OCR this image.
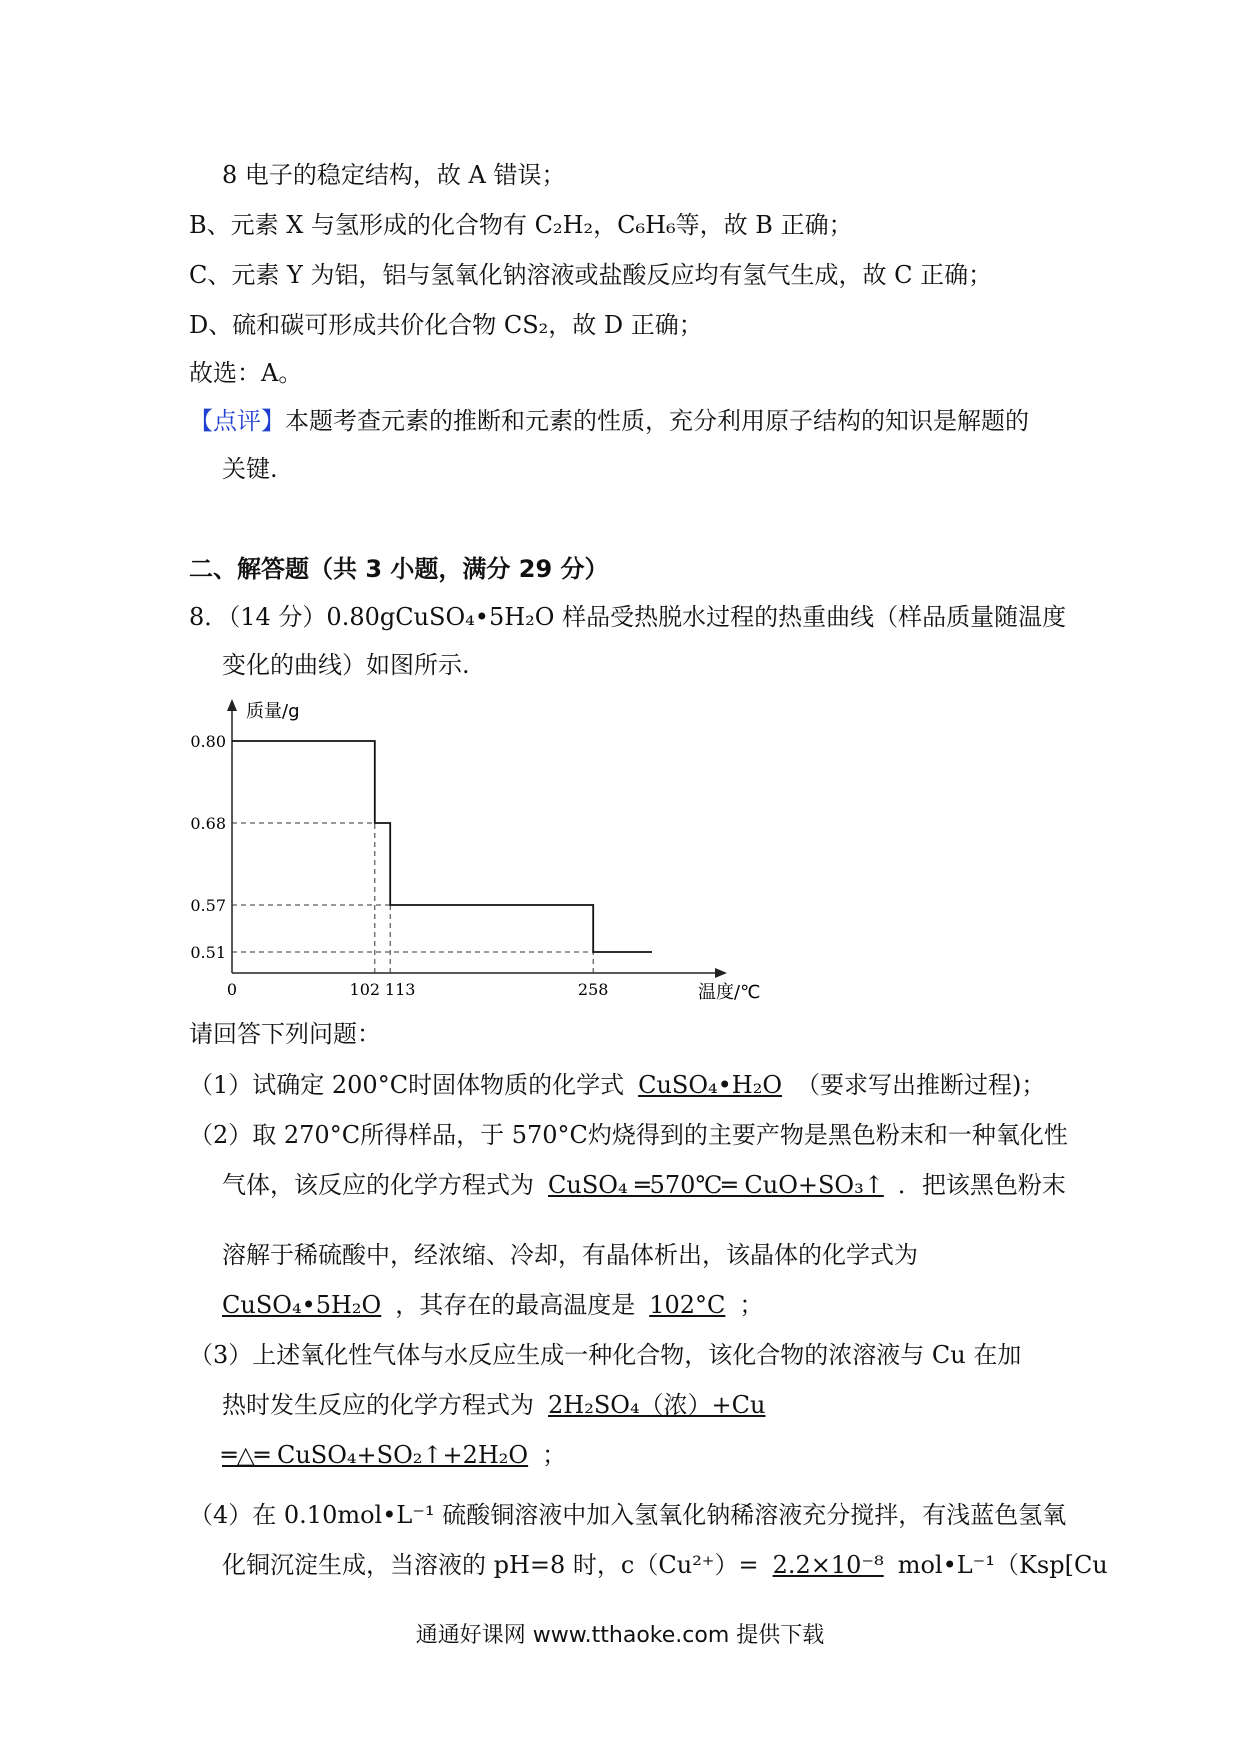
8 电子的稳定结构，故 A 错误；
B、元素 X 与氢形成的化合物有 C₂H₂，C₆H₆等，故 B 正确；
C、元素 Y 为铝，铝与氢氧化钠溶液或盐酸反应均有氢气生成，故 C 正确；
D、硫和碳可形成共价化合物 CS₂，故 D 正确；
故选：A。
【点评】本题考查元素的推断和元素的性质，充分利用原子结构的知识是解题的
关键.
二、解答题（共 3 小题，满分 29 分）
8．（14 分）0.80gCuSO₄•5H₂O 样品受热脱水过程的热重曲线（样品质量随温度
变化的曲线）如图所示.
质量/g
温度/℃
0.80
0.68
0.57
0.51
0	102 113	258
请回答下列问题：
（1）试确定 200°C时固体物质的化学式 CuSO₄•H₂O （要求写出推断过程)；
（2）取 270°C所得样品，于 570°C灼烧得到的主要产物是黑色粉末和一种氧化性
气体，该反应的化学方程式为 CuSO₄ ═570℃═ CuO+SO₃↑ ．把该黑色粉末
溶解于稀硫酸中，经浓缩、冷却，有晶体析出，该晶体的化学式为
CuSO₄•5H₂O ，其存在的最高温度是 102°C ；
（3）上述氧化性气体与水反应生成一种化合物，该化合物的浓溶液与 Cu 在加
热时发生反应的化学方程式为 2H₂SO₄（浓）+Cu
═△═ CuSO₄+SO₂↑+2H₂O ；
（4）在 0.10mol•L⁻¹ 硫酸铜溶液中加入氢氧化钠稀溶液充分搅拌，有浅蓝色氢氧
化铜沉淀生成，当溶液的 pH=8 时，c（Cu²⁺）= 2.2×10⁻⁸ mol•L⁻¹（Ksp[Cu
通通好课网 www.tthaoke.com 提供下载
